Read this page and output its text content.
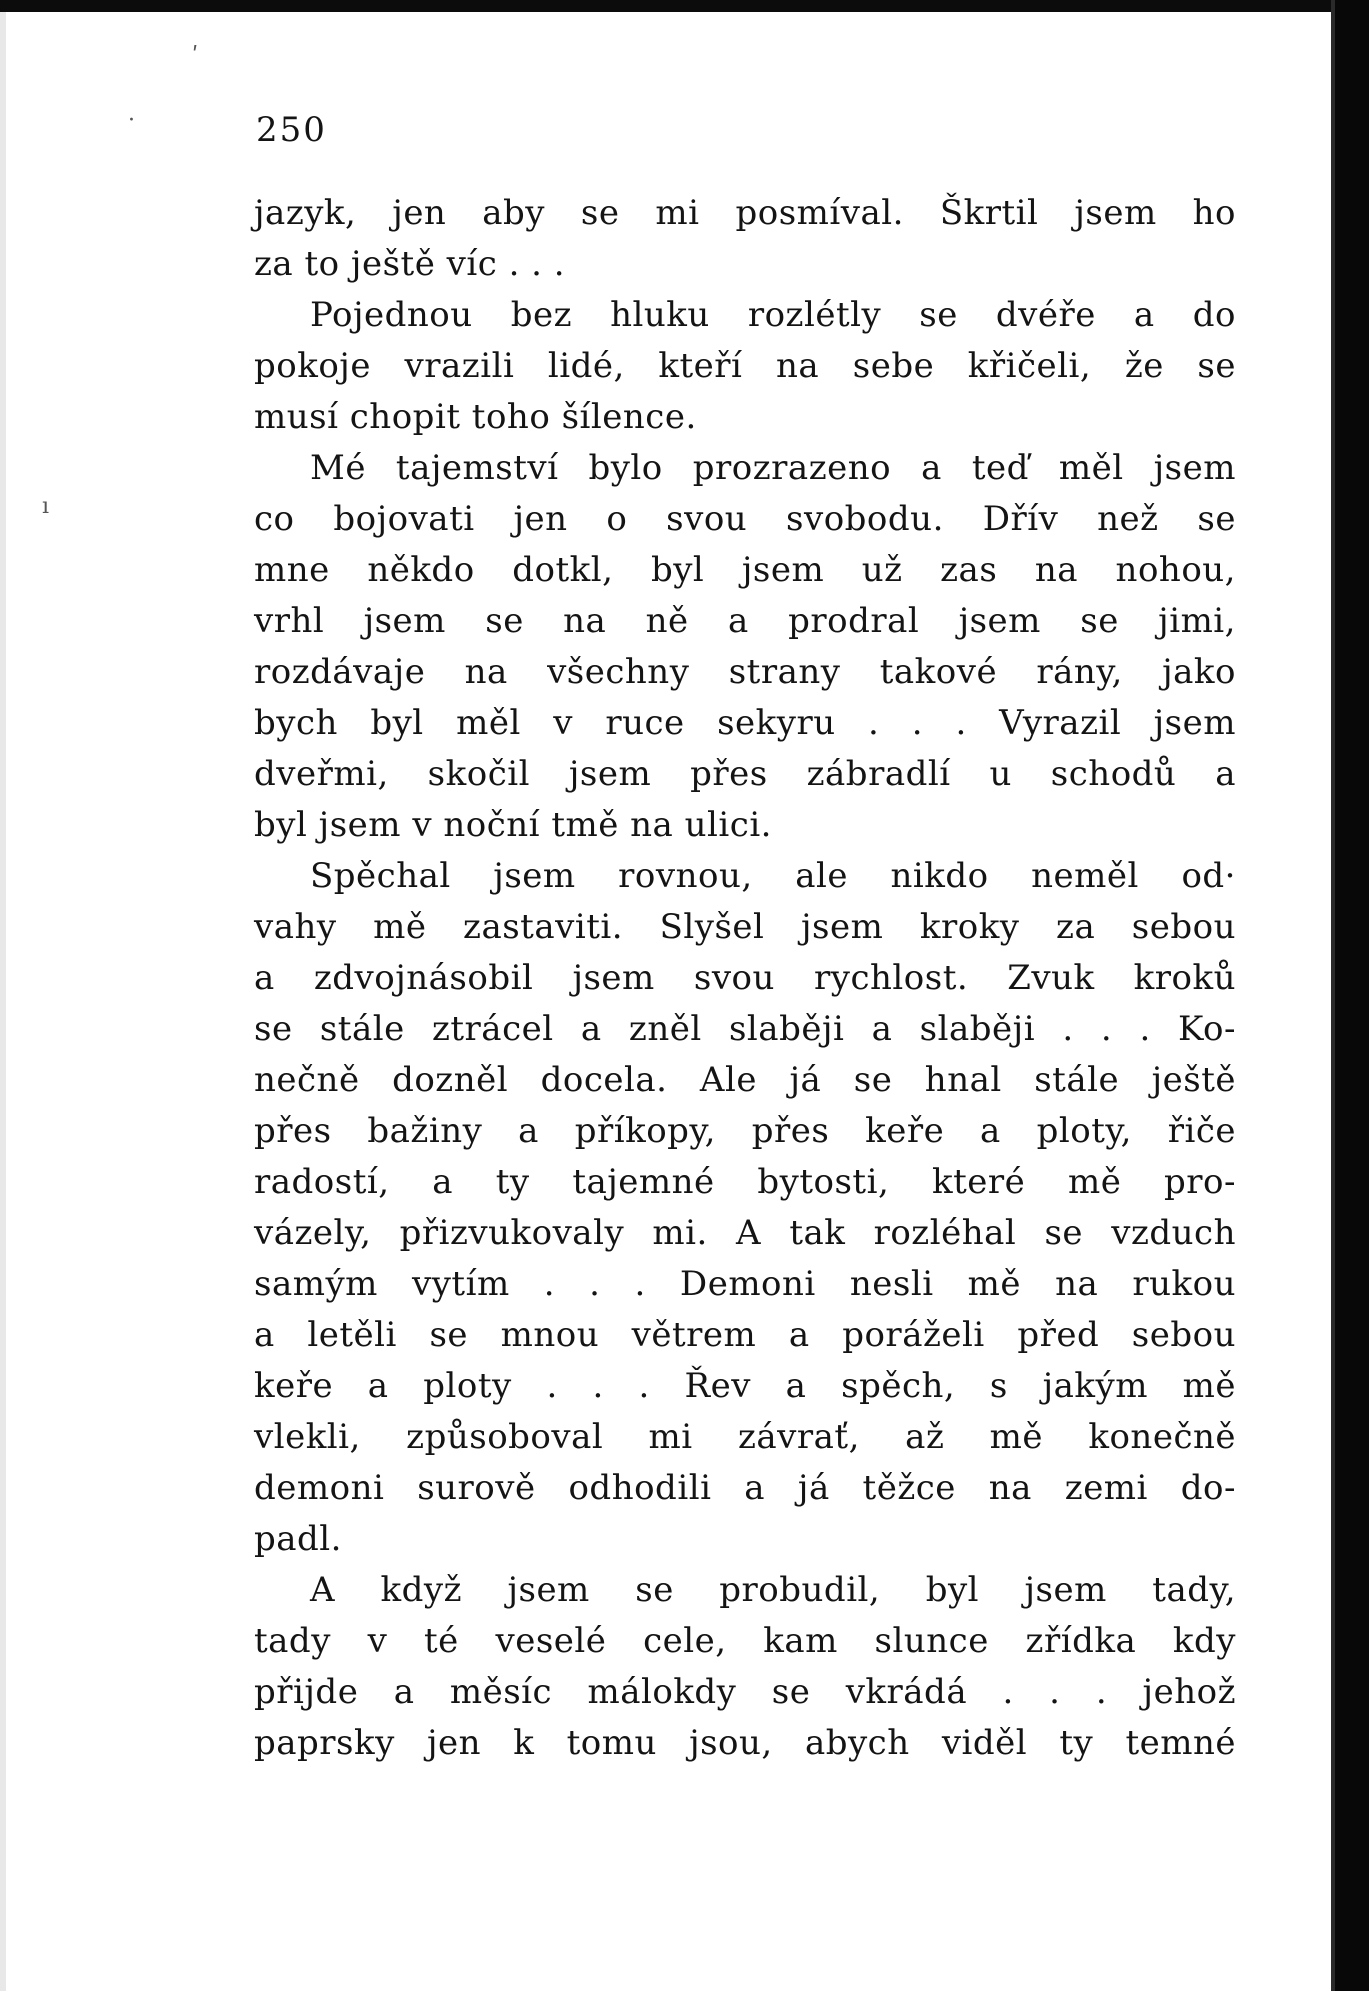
ʹ
·
ı

250

jazyk, jen aby se mi posmíval. Škrtil jsem ho
za to ještě víc . . .
Pojednou bez hluku rozlétly se dvéře a do
pokoje vrazili lidé, kteří na sebe křičeli, že se
musí chopit toho šílence.
Mé tajemství bylo prozrazeno a teď měl jsem
co bojovati jen o svou svobodu. Dřív než se
mne někdo dotkl, byl jsem už zas na nohou,
vrhl jsem se na ně a prodral jsem se jimi,
rozdávaje na všechny strany takové rány, jako
bych byl měl v ruce sekyru . . . Vyrazil jsem
dveřmi, skočil jsem přes zábradlí u schodů a
byl jsem v noční tmě na ulici.
Spěchal jsem rovnou, ale nikdo neměl od·
vahy mě zastaviti. Slyšel jsem kroky za sebou
a zdvojnásobil jsem svou rychlost. Zvuk kroků
se stále ztrácel a zněl slaběji a slaběji . . . Ko-
nečně dozněl docela. Ale já se hnal stále ještě
přes bažiny a příkopy, přes keře a ploty, řiče
radostí, a ty tajemné bytosti, které mě pro-
vázely, přizvukovaly mi. A tak rozléhal se vzduch
samým vytím . . . Demoni nesli mě na rukou
a letěli se mnou větrem a poráželi před sebou
keře a ploty . . . Řev a spěch, s jakým mě
vlekli, způsoboval mi závrať, až mě konečně
demoni surově odhodili a já těžce na zemi do-
padl.
A když jsem se probudil, byl jsem tady,
tady v té veselé cele, kam slunce zřídka kdy
přijde a měsíc málokdy se vkrádá . . . jehož
paprsky jen k tomu jsou, abych viděl ty temné
